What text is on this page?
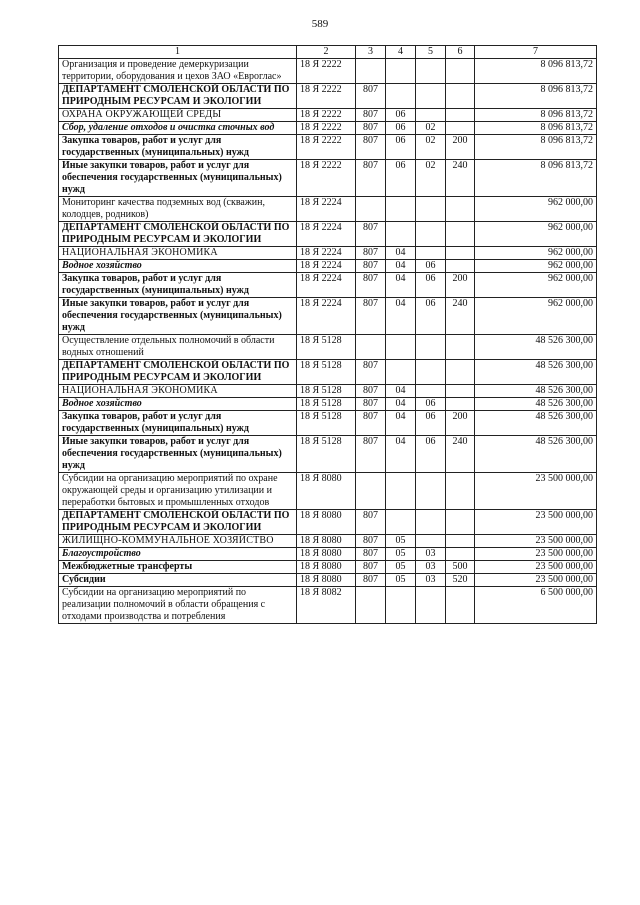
589
1	2	3	4	5	6	7
Организация и проведение демеркуризации территории, оборудования и цехов ЗАО «Евроглас»	18 Я 2222					8 096 813,72
ДЕПАРТАМЕНТ СМОЛЕНСКОЙ ОБЛАСТИ ПО ПРИРОДНЫМ РЕСУРСАМ И ЭКОЛОГИИ	18 Я 2222	807				8 096 813,72
ОХРАНА ОКРУЖАЮЩЕЙ СРЕДЫ	18 Я 2222	807	06			8 096 813,72
Сбор, удаление отходов и очистка сточных вод	18 Я 2222	807	06	02		8 096 813,72
Закупка товаров, работ и услуг для государственных (муниципальных) нужд	18 Я 2222	807	06	02	200	8 096 813,72
Иные закупки товаров, работ и услуг для обеспечения государственных (муниципальных) нужд	18 Я 2222	807	06	02	240	8 096 813,72
Мониторинг качества подземных вод (скважин, колодцев, родников)	18 Я 2224					962 000,00
ДЕПАРТАМЕНТ СМОЛЕНСКОЙ ОБЛАСТИ ПО ПРИРОДНЫМ РЕСУРСАМ И ЭКОЛОГИИ	18 Я 2224	807				962 000,00
НАЦИОНАЛЬНАЯ ЭКОНОМИКА	18 Я 2224	807	04			962 000,00
Водное хозяйство	18 Я 2224	807	04	06		962 000,00
Закупка товаров, работ и услуг для государственных (муниципальных) нужд	18 Я 2224	807	04	06	200	962 000,00
Иные закупки товаров, работ и услуг для обеспечения государственных (муниципальных) нужд	18 Я 2224	807	04	06	240	962 000,00
Осуществление отдельных полномочий в области водных отношений	18 Я 5128					48 526 300,00
ДЕПАРТАМЕНТ СМОЛЕНСКОЙ ОБЛАСТИ ПО ПРИРОДНЫМ РЕСУРСАМ И ЭКОЛОГИИ	18 Я 5128	807				48 526 300,00
НАЦИОНАЛЬНАЯ ЭКОНОМИКА	18 Я 5128	807	04			48 526 300,00
Водное хозяйство	18 Я 5128	807	04	06		48 526 300,00
Закупка товаров, работ и услуг для государственных (муниципальных) нужд	18 Я 5128	807	04	06	200	48 526 300,00
Иные закупки товаров, работ и услуг для обеспечения государственных (муниципальных) нужд	18 Я 5128	807	04	06	240	48 526 300,00
Субсидии на организацию мероприятий по охране окружающей среды и организацию утилизации и переработки бытовых и промышленных отходов	18 Я 8080					23 500 000,00
ДЕПАРТАМЕНТ СМОЛЕНСКОЙ ОБЛАСТИ ПО ПРИРОДНЫМ РЕСУРСАМ И ЭКОЛОГИИ	18 Я 8080	807				23 500 000,00
ЖИЛИЩНО-КОММУНАЛЬНОЕ ХОЗЯЙСТВО	18 Я 8080	807	05			23 500 000,00
Благоустройство	18 Я 8080	807	05	03		23 500 000,00
Межбюджетные трансферты	18 Я 8080	807	05	03	500	23 500 000,00
Субсидии	18 Я 8080	807	05	03	520	23 500 000,00
Субсидии на организацию мероприятий по реализации полномочий в области обращения с отходами производства и потребления	18 Я 8082					6 500 000,00
